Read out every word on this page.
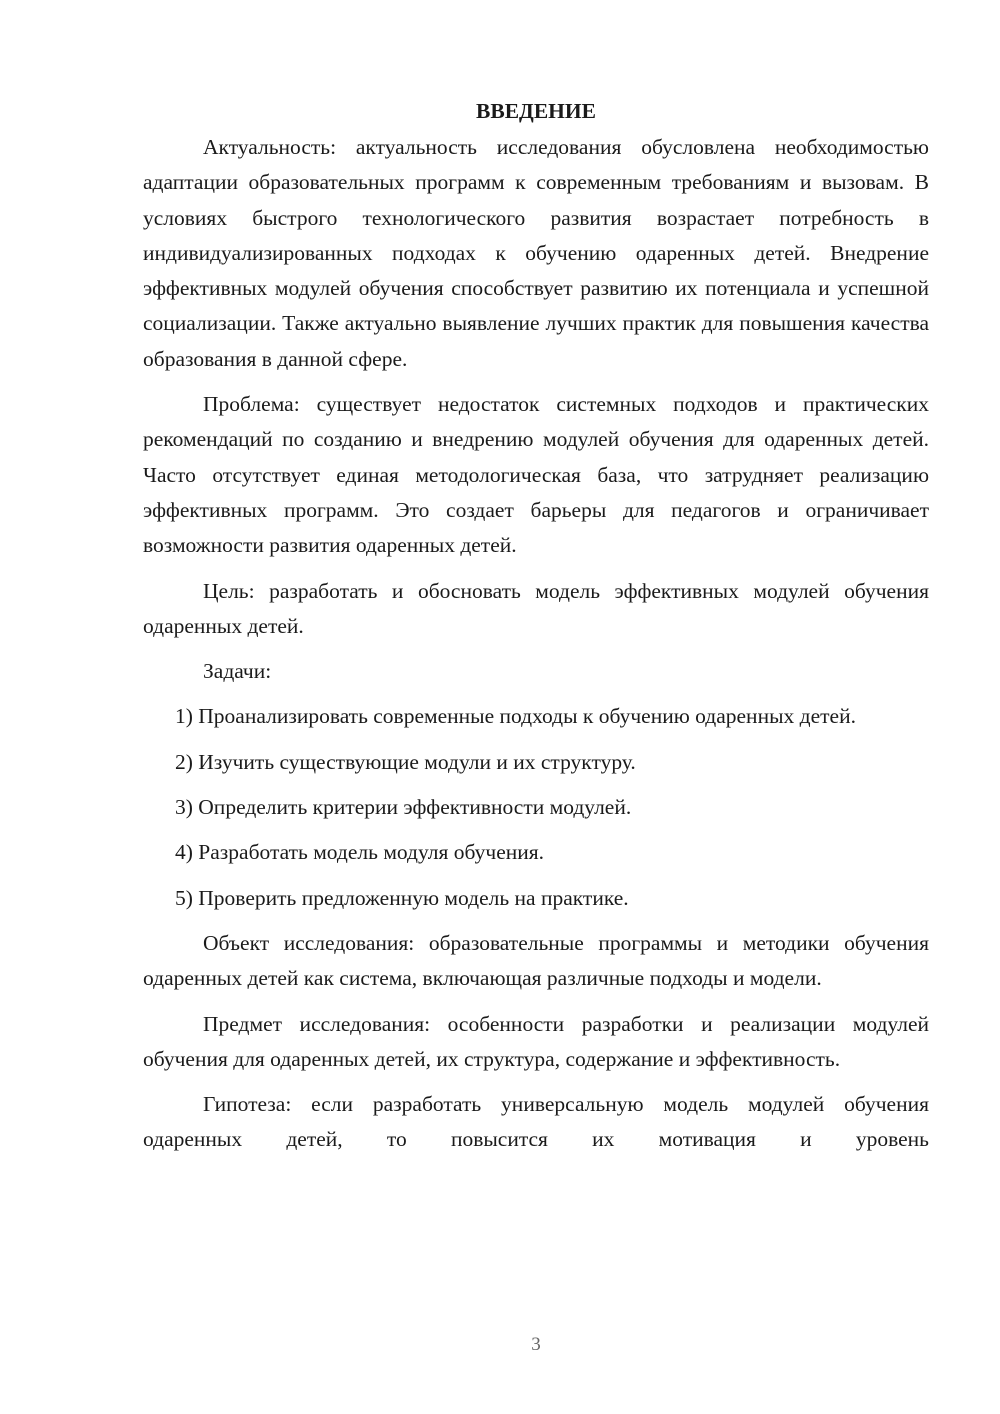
ВВЕДЕНИЕ

Актуальность: актуальность исследования обусловлена необходимостью адаптации образовательных программ к современным требованиям и вызовам. В условиях быстрого технологического развития возрастает потребность в индивидуализированных подходах к обучению одаренных детей. Внедрение эффективных модулей обучения способствует развитию их потенциала и успешной социализации. Также актуально выявление лучших практик для повышения качества образования в данной сфере.

Проблема: существует недостаток системных подходов и практических рекомендаций по созданию и внедрению модулей обучения для одаренных детей. Часто отсутствует единая методологическая база, что затрудняет реализацию эффективных программ. Это создает барьеры для педагогов и ограничивает возможности развития одаренных детей.

Цель: разработать и обосновать модель эффективных модулей обучения одаренных детей.

Задачи:

1) Проанализировать современные подходы к обучению одаренных детей.

2) Изучить существующие модули и их структуру.

3) Определить критерии эффективности модулей.

4) Разработать модель модуля обучения.

5) Проверить предложенную модель на практике.

Объект исследования: образовательные программы и методики обучения одаренных детей как система, включающая различные подходы и модели.

Предмет исследования: особенности разработки и реализации модулей обучения для одаренных детей, их структура, содержание и эффективность.

Гипотеза: если разработать универсальную модель модулей обучения одаренных детей, то повысится их мотивация и уровень

3
